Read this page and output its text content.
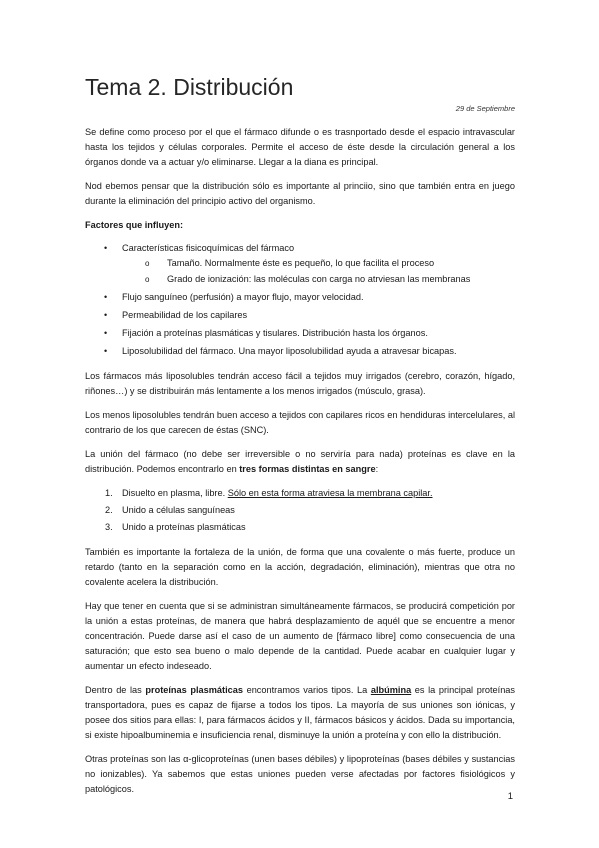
Tema 2. Distribución
29 de Septiembre

Se define como proceso por el que el fármaco difunde o es trasnportado desde el espacio intravascular hasta los tejidos y células corporales. Permite el acceso de éste desde la circulación general a los órganos donde va a actuar y/o eliminarse. Llegar a la diana es principal.

Nod ebemos pensar que la distribución sólo es importante al princiio, sino que también entra en juego durante la eliminación del principio activo del organismo.

Factores que influyen:

• Características fisicoquímicas del fármaco
o Tamaño. Normalmente éste es pequeño, lo que facilita el proceso
o Grado de ionización: las moléculas con carga no atrviesan las membranas
• Flujo sanguíneo (perfusión) a mayor flujo, mayor velocidad.
• Permeabilidad de los capilares
• Fijación a proteínas plasmáticas y tisulares. Distribución hasta los órganos.
• Liposolubilidad del fármaco. Una mayor liposolubilidad ayuda a atravesar bicapas.

Los fármacos más liposolubles tendrán acceso fácil a tejidos muy irrigados (cerebro, corazón, hígado, riñones…) y se distribuirán más lentamente a los menos irrigados (músculo, grasa).

Los menos liposolubles tendrán buen acceso a tejidos con capilares ricos en hendiduras intercelulares, al contrario de los que carecen de éstas (SNC).

La unión del fármaco (no debe ser irreversible o no serviría para nada) proteínas es clave en la distribución. Podemos encontrarlo en tres formas distintas en sangre:

1. Disuelto en plasma, libre. Sólo en esta forma atraviesa la membrana capilar.
2. Unido a células sanguíneas
3. Unido a proteínas plasmáticas

También es importante la fortaleza de la unión, de forma que una covalente o más fuerte, produce un retardo (tanto en la separación como en la acción, degradación, eliminación), mientras que otra no covalente acelera la distribución.

Hay que tener en cuenta que si se administran simultáneamente fármacos, se producirá competición por la unión a estas proteínas, de manera que habrá desplazamiento de aquél que se encuentre a menor concentración. Puede darse así el caso de un aumento de [fármaco libre] como consecuencia de una saturación; que esto sea bueno o malo depende de la cantidad. Puede acabar en cualquier lugar y aumentar un efecto indeseado.

Dentro de las proteínas plasmáticas encontramos varios tipos. La albúmina es la principal proteínas transportadora, pues es capaz de fijarse a todos los tipos. La mayoría de sus uniones son iónicas, y posee dos sitios para ellas: I, para fármacos ácidos y II, fármacos básicos y ácidos. Dada su importancia, si existe hipoalbuminemia e insuficiencia renal, disminuye la unión a proteína y con ello la distribución.

Otras proteínas son las α-glicoproteínas (unen bases débiles) y lipoproteínas (bases débiles y sustancias no ionizables). Ya sabemos que estas uniones pueden verse afectadas por factores fisiológicos y patológicos.

1
